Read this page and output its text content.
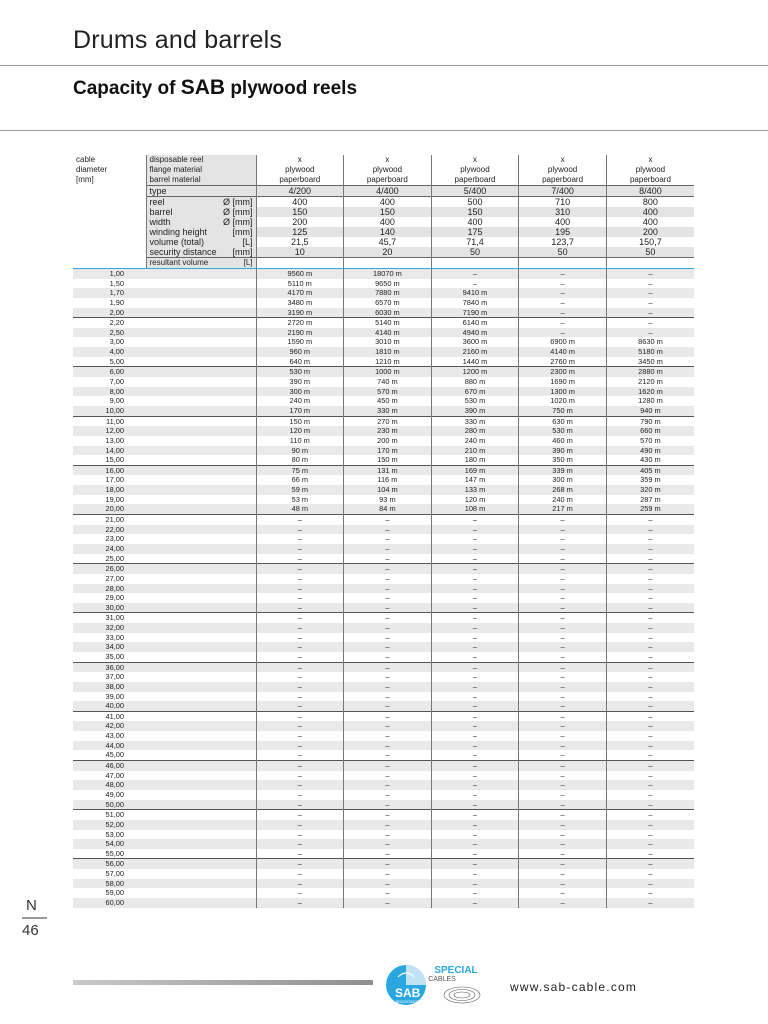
Drums and barrels
Capacity of SAB plywood reels
cable
diameter
[mm]	disposable reel	x	x	x	x	x

	flange material	plywood	plywood	plywood	plywood	plywood

	barrel material	paperboard	paperboard	paperboard	paperboard	paperboard

	type	4/200	4/400	5/400	7/400	8/400

	reel Ø [mm]	400	400	500	710	800

	barrel Ø [mm]	150	150	150	310	400

	width Ø [mm]	200	400	400	400	400

	winding height [mm]	125	140	175	195	200

	volume (total) [L]	21,5	45,7	71,4	123,7	150,7

	security distance [mm]	10	20	50	50	50

	resultant volume [L]					

1,00		9560 m	18070 m	–	–	–
1,50		5110 m	9650 m	–	–	–
1,70		4170 m	7880 m	9410 m	–	–
1,90		3480 m	6570 m	7840 m	–	–
2,00		3190 m	6030 m	7190 m	–	–
2,20		2720 m	5140 m	6140 m	–	–
2,50		2190 m	4140 m	4940 m	–	–
3,00		1590 m	3010 m	3600 m	6900 m	8630 m
4,00		960 m	1810 m	2160 m	4140 m	5180 m
5,00		640 m	1210 m	1440 m	2760 m	3450 m
6,00		530 m	1000 m	1200 m	2300 m	2880 m
7,00		390 m	740 m	880 m	1690 m	2120 m
8,00		300 m	570 m	670 m	1300 m	1620 m
9,00		240 m	450 m	530 m	1020 m	1280 m
10,00		170 m	330 m	390 m	750 m	940 m
11,00		150 m	270 m	330 m	630 m	790 m
12,00		120 m	230 m	280 m	530 m	660 m
13,00		110 m	200 m	240 m	460 m	570 m
14,00		90 m	170 m	210 m	390 m	490 m
15,00		80 m	150 m	180 m	350 m	430 m
16,00		75 m	131 m	169 m	339 m	405 m
17,00		66 m	116 m	147 m	300 m	359 m
18,00		59 m	104 m	133 m	268 m	320 m
19,00		53 m	93 m	120 m	240 m	287 m
20,00		48 m	84 m	108 m	217 m	259 m
21,00		–	–	–	–	–
22,00		–	–	–	–	–
23,00		–	–	–	–	–
24,00		–	–	–	–	–
25,00		–	–	–	–	–
26,00		–	–	–	–	–
27,00		–	–	–	–	–
28,00		–	–	–	–	–
29,00		–	–	–	–	–
30,00		–	–	–	–	–
31,00		–	–	–	–	–
32,00		–	–	–	–	–
33,00		–	–	–	–	–
34,00		–	–	–	–	–
35,00		–	–	–	–	–
36,00		–	–	–	–	–
37,00		–	–	–	–	–
38,00		–	–	–	–	–
39,00		–	–	–	–	–
40,00		–	–	–	–	–
41,00		–	–	–	–	–
42,00		–	–	–	–	–
43,00		–	–	–	–	–
44,00		–	–	–	–	–
45,00		–	–	–	–	–
46,00		–	–	–	–	–
47,00		–	–	–	–	–
48,00		–	–	–	–	–
49,00		–	–	–	–	–
50,00		–	–	–	–	–
51,00		–	–	–	–	–
52,00		–	–	–	–	–
53,00		–	–	–	–	–
54,00		–	–	–	–	–
55,00		–	–	–	–	–
56,00		–	–	–	–	–
57,00		–	–	–	–	–
58,00		–	–	–	–	–
59,00		–	–	–	–	–
60,00		–	–	–	–	–
N
46
SPECIAL
CABLES
SAB
BRÖCKSKES
www.sab-cable.com
